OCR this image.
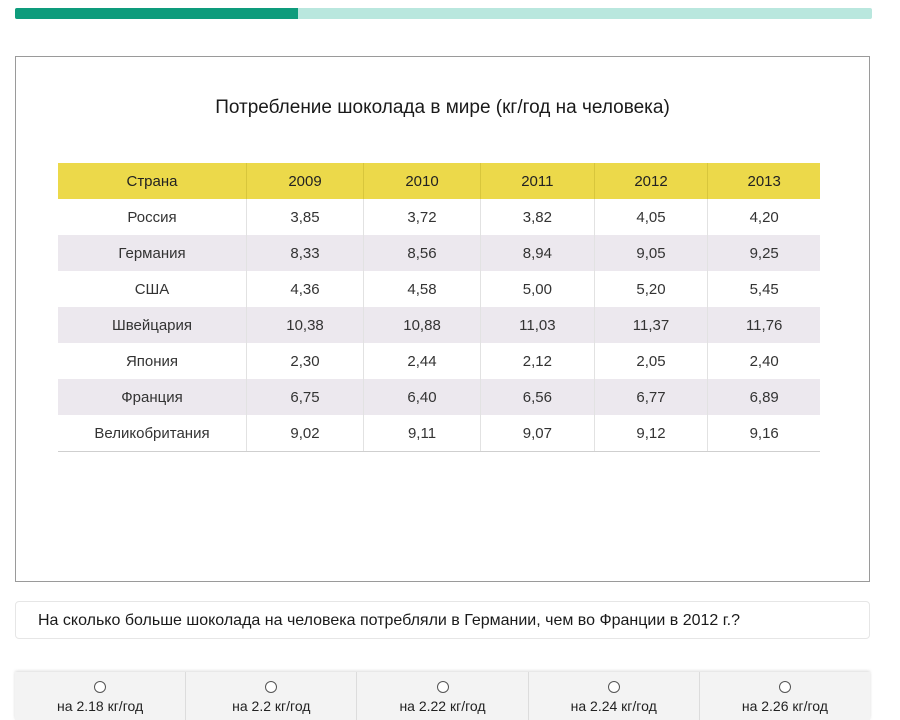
Потребление шоколада в мире (кг/год на человека)
Страна	2009	2010	2011	2012	2013
Россия	3,85	3,72	3,82	4,05	4,20
Германия	8,33	8,56	8,94	9,05	9,25
США	4,36	4,58	5,00	5,20	5,45
Швейцария	10,38	10,88	11,03	11,37	11,76
Япония	2,30	2,44	2,12	2,05	2,40
Франция	6,75	6,40	6,56	6,77	6,89
Великобритания	9,02	9,11	9,07	9,12	9,16
На сколько больше шоколада на человека потребляли в Германии, чем во Франции в 2012 г.?
на 2.18 кг/год	на 2.2 кг/год	на 2.22 кг/год	на 2.24 кг/год	на 2.26 кг/год
